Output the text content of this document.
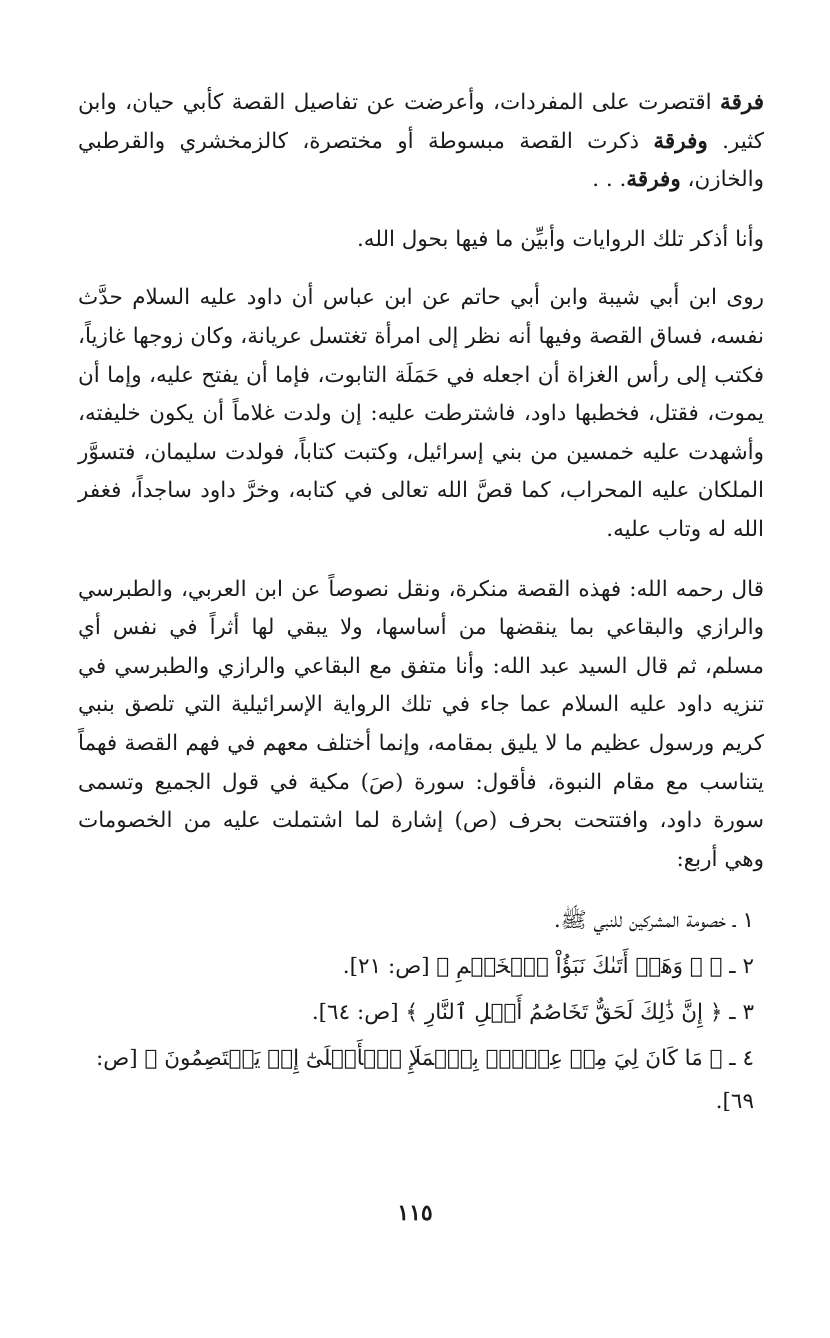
فرقة اقتصرت على المفردات، وأعرضت عن تفاصيل القصة كأبي حيان، وابن كثير. وفرقة ذكرت القصة مبسوطة أو مختصرة، كالزمخشري والقرطبي والخازن، وفرقة. . .

وأنا أذكر تلك الروايات وأبيِّن ما فيها بحول الله.

روى ابن أبي شيبة وابن أبي حاتم عن ابن عباس أن داود عليه السلام حدَّث نفسه، فساق القصة وفيها أنه نظر إلى امرأة تغتسل عريانة، وكان زوجها غازياً، فكتب إلى رأس الغزاة أن اجعله في حَمَلَة التابوت، فإما أن يفتح عليه، وإما أن يموت، فقتل، فخطبها داود، فاشترطت عليه: إن ولدت غلاماً أن يكون خليفته، وأشهدت عليه خمسين من بني إسرائيل، وكتبت كتاباً، فولدت سليمان، فتسوَّر الملكان عليه المحراب، كما قصَّ الله تعالى في كتابه، وخرَّ داود ساجداً، فغفر الله له وتاب عليه.

قال رحمه الله: فهذه القصة منكرة، ونقل نصوصاً عن ابن العربي، والطبرسي والرازي والبقاعي بما ينقضها من أساسها، ولا يبقي لها أثراً في نفس أي مسلم، ثم قال السيد عبد الله: وأنا متفق مع البقاعي والرازي والطبرسي في تنزيه داود عليه السلام عما جاء في تلك الرواية الإسرائيلية التي تلصق بنبي كريم ورسول عظيم ما لا يليق بمقامه، وإنما أختلف معهم في فهم القصة فهماً يتناسب مع مقام النبوة، فأقول: سورة (صَ) مكية في قول الجميع وتسمى سورة داود، وافتتحت بحرف (ص) إشارة لما اشتملت عليه من الخصومات وهي أربع:

١ ـ خصومة المشركين للنبي ﷺ.
٢ ـ ﴿ ۞ وَهَلۡ أَتَىٰكَ نَبَؤُاْ ٱلۡخَصۡمِ ﴾ [ص: ٢١].
٣ ـ ﴿ إِنَّ ذَٰلِكَ لَحَقٌّ تَخَاصُمُ أَهۡلِ ٱلنَّارِ ﴾ [ص: ٦٤].
٤ ـ ﴿ مَا كَانَ لِيَ مِنۡ عِلۡمِۭ بِٱلۡمَلَإِ ٱلۡأَعۡلَىٰٓ إِذۡ يَخۡتَصِمُونَ ﴾ [ص: ٦٩].
١١٥
